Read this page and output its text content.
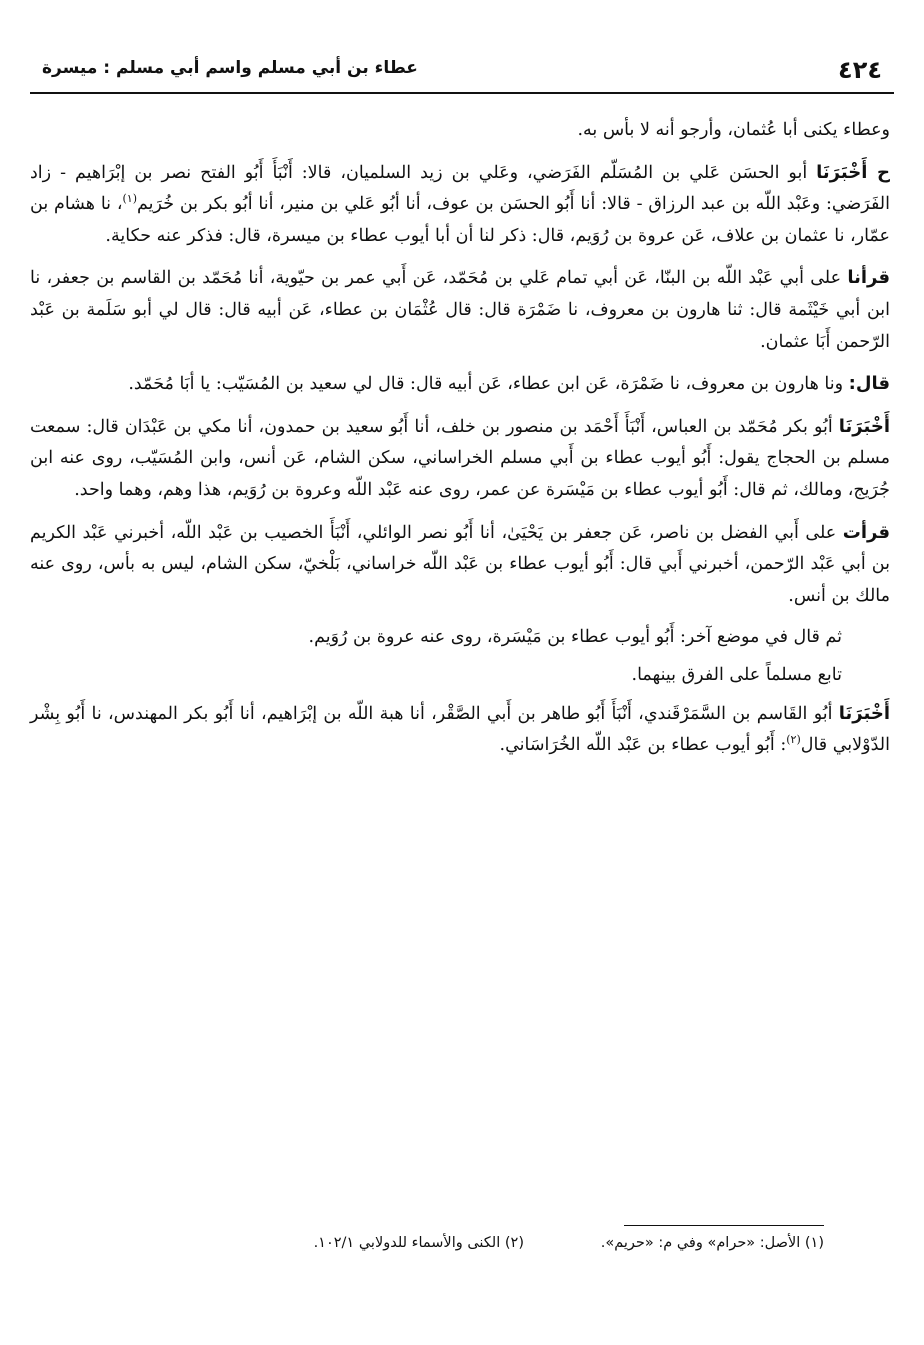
٤٢٤
عطاء بن أبي مسلم واسم أبي مسلم : ميسرة

وعطاء يكنى أبا عُثمان، وأرجو أنه لا بأس به.

ح أَخْبَرَنَا أبو الحسَن عَلي بن المُسَلّم الفَرَضي، وعَلي بن زيد السلميان، قالا: أَنْبَأَ أَبُو الفتح نصر بن إبْرَاهيم - زاد الفَرَضي: وعَبْد اللّه بن عبد الرزاق - قالا: أنا أَبُو الحسَن بن عوف، أنا أبُو عَلي بن منير، أنا أبُو بكر بن خُرَيم$^{(١)}$، نا هشام بن عمّار، نا عثمان بن علاف، عَن عروة بن رُوَيم، قال: ذكر لنا أن أبا أيوب عطاء بن ميسرة، قال: فذكر عنه حكاية.

قرأنا على أبي عَبْد اللّه بن البنّا، عَن أبي تمام عَلي بن مُحَمّد، عَن أَبي عمر بن حيّوية، أنا مُحَمّد بن القاسم بن جعفر، نا ابن أبي خَيْثَمة قال: ثنا هارون بن معروف، نا ضَمْرَة قال: قال عُثْمَان بن عطاء، عَن أبيه قال: قال لي أبو سَلَمة بن عَبْد الرّحمن أَبَا عثمان.

قال: ونا هارون بن معروف، نا ضَمْرَة، عَن ابن عطاء، عَن أبيه قال: قال لي سعيد بن المُسَيّب: يا أبَا مُحَمّد.

أَخْبَرَنَا أبُو بكر مُحَمّد بن العباس، أَنْبَأَ أَحْمَد بن منصور بن خلف، أنا أَبُو سعيد بن حمدون، أنا مكي بن عَبْدَان قال: سمعت مسلم بن الحجاج يقول: أَبُو أيوب عطاء بن أَبي مسلم الخراساني، سكن الشام، عَن أنس، وابن المُسَيّب، روى عنه ابن جُرَيج، ومالك، ثم قال: أَبُو أيوب عطاء بن مَيْسَرة عن عمر، روى عنه عَبْد اللّه وعروة بن رُوَيم، هذا وهم، وهما واحد.

قرأت على أَبي الفضل بن ناصر، عَن جعفر بن يَحْيَىٰ، أنا أَبُو نصر الوائلي، أَنْبَأَ الخصيب بن عَبْد اللّه، أخبرني عَبْد الكريم بن أبي عَبْد الرّحمن، أخبرني أَبي قال: أَبُو أيوب عطاء بن عَبْد اللّه خراساني، بَلْخيّ، سكن الشام، ليس به بأس، روى عنه مالك بن أنس.

ثم قال في موضع آخر: أَبُو أيوب عطاء بن مَيْسَرة، روى عنه عروة بن رُوَيم.

تابع مسلماً على الفرق بينهما.

أَخْبَرَنَا أبُو القَاسم بن السَّمَرْقَندي، أَنْبَأَ أَبُو طاهر بن أَبي الصَّقْر، أنا هبة اللّه بن إبْرَاهيم، أنا أَبُو بكر المهندس، نا أَبُو بِشْر الدّوْلابي قال$^{(٢)}$: أَبُو أيوب عطاء بن عَبْد اللّه الخُرَاسَاني.

(١) الأصل: «حرام» وفي م: «حريم».
(٢) الكنى والأسماء للدولابي ١٠٢/١.
